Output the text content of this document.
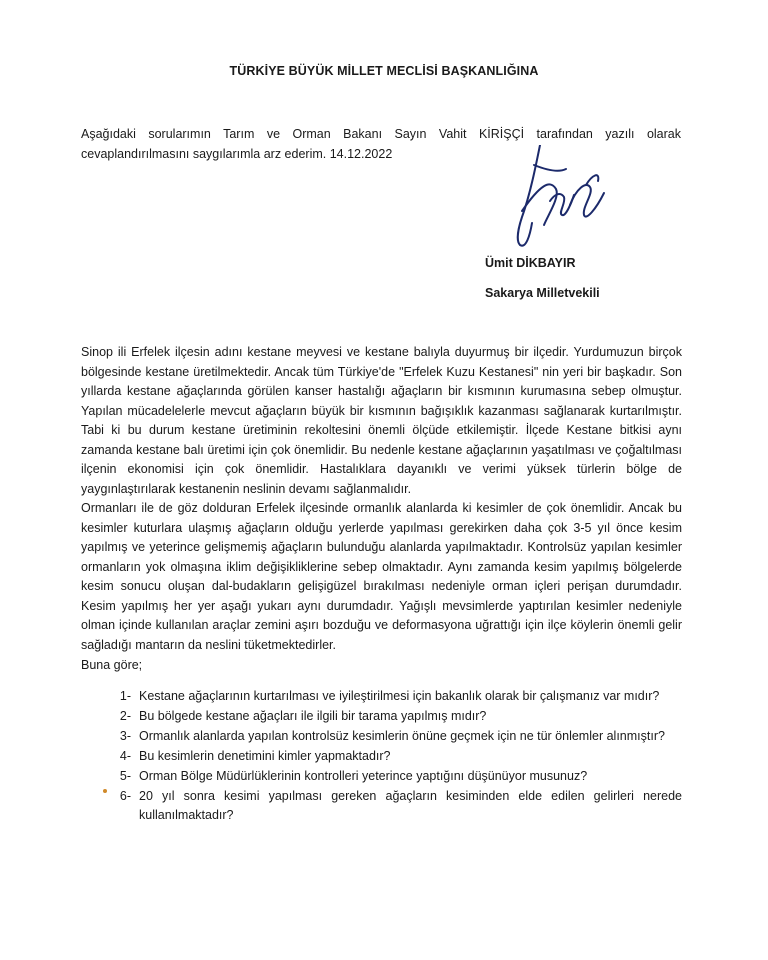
TÜRKİYE BÜYÜK MİLLET MECLİSİ BAŞKANLIĞINA
Aşağıdaki sorularımın Tarım ve Orman Bakanı Sayın Vahit KİRİŞÇİ tarafından yazılı olarak cevaplandırılmasını saygılarımla arz ederim. 14.12.2022
Ümit DİKBAYIR
Sakarya Milletvekili
Sinop ili Erfelek ilçesin adını kestane meyvesi ve kestane balıyla duyurmuş bir ilçedir. Yurdumuzun birçok bölgesinde kestane üretilmektedir. Ancak tüm Türkiye'de "Erfelek Kuzu Kestanesi" nin yeri bir başkadır. Son yıllarda kestane ağaçlarında görülen kanser hastalığı ağaçların bir kısmının kurumasına sebep olmuştur. Yapılan mücadelelerle mevcut ağaçların büyük bir kısmının bağışıklık kazanması sağlanarak kurtarılmıştır. Tabi ki bu durum kestane üretiminin rekoltesini önemli ölçüde etkilemiştir. İlçede Kestane bitkisi aynı zamanda kestane balı üretimi için çok önemlidir. Bu nedenle kestane ağaçlarının yaşatılması ve çoğaltılması ilçenin ekonomisi için çok önemlidir. Hastalıklara dayanıklı ve verimi yüksek türlerin bölge de yaygınlaştırılarak kestanenin neslinin devamı sağlanmalıdır.
Ormanları ile de göz dolduran Erfelek ilçesinde ormanlık alanlarda ki kesimler de çok önemlidir. Ancak bu kesimler kuturlara ulaşmış ağaçların olduğu yerlerde yapılması gerekirken daha çok 3-5 yıl önce kesim yapılmış ve yeterince gelişmemiş ağaçların bulunduğu alanlarda yapılmaktadır. Kontrolsüz yapılan kesimler ormanların yok olmaşına iklim değişikliklerine sebep olmaktadır. Aynı zamanda kesim yapılmış bölgelerde kesim sonucu oluşan dal-budakların gelişigüzel bırakılması nedeniyle orman içleri perişan durumdadır. Kesim yapılmış her yer aşağı yukarı aynı durumdadır. Yağışlı mevsimlerde yaptırılan kesimler nedeniyle olman içinde kullanılan araçlar zemini aşırı bozduğu ve deformasyona uğrattığı için ilçe köylerin önemli gelir sağladığı mantarın da neslini tüketmektedirler.
Buna göre;
1- Kestane ağaçlarının kurtarılması ve iyileştirilmesi için bakanlık olarak bir çalışmanız var mıdır?
2- Bu bölgede kestane ağaçları ile ilgili bir tarama yapılmış mıdır?
3- Ormanlık alanlarda yapılan kontrolsüz kesimlerin önüne geçmek için ne tür önlemler alınmıştır?
4- Bu kesimlerin denetimini kimler yapmaktadır?
5- Orman Bölge Müdürlüklerinin kontrolleri yeterince yaptığını düşünüyor musunuz?
6- 20 yıl sonra kesimi yapılması gereken ağaçların kesiminden elde edilen gelirleri nerede kullanılmaktadır?
